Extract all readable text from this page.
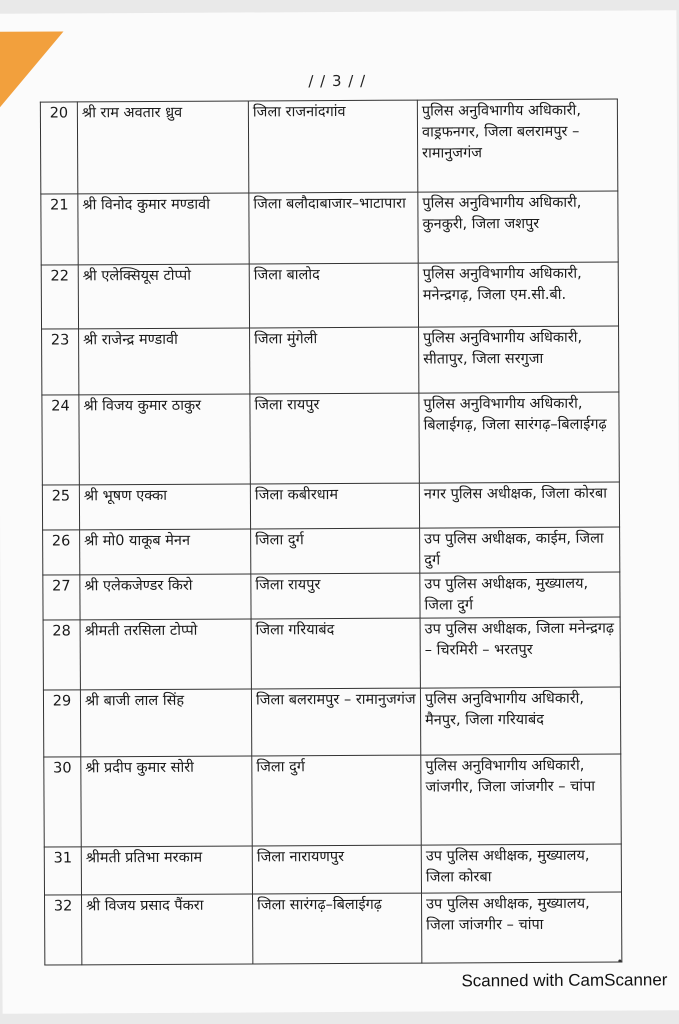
/ / 3 / /
20	श्री राम अवतार ध्रुव	जिला राजनांदगांव	पुलिस अनुविभागीय अधिकारी, वाड्रफनगर, जिला बलरामपुर – रामानुजगंज
21	श्री विनोद कुमार मण्डावी	जिला बलौदाबाजार–भाटापारा	पुलिस अनुविभागीय अधिकारी, कुनकुरी, जिला जशपुर
22	श्री एलेक्सियूस टोप्पो	जिला बालोद	पुलिस अनुविभागीय अधिकारी, मनेन्द्रगढ़, जिला एम.सी.बी.
23	श्री राजेन्द्र मण्डावी	जिला मुंगेली	पुलिस अनुविभागीय अधिकारी, सीतापुर, जिला सरगुजा
24	श्री विजय कुमार ठाकुर	जिला रायपुर	पुलिस अनुविभागीय अधिकारी, बिलाईगढ़, जिला सारंगढ़–बिलाईगढ़
25	श्री भूषण एक्का	जिला कबीरधाम	नगर पुलिस अधीक्षक, जिला कोरबा
26	श्री मो0 याकूब मेनन	जिला दुर्ग	उप पुलिस अधीक्षक, काईम, जिला दुर्ग
27	श्री एलेकजेण्डर किरो	जिला रायपुर	उप पुलिस अधीक्षक, मुख्यालय, जिला दुर्ग
28	श्रीमती तरसिला टोप्पो	जिला गरियाबंद	उप पुलिस अधीक्षक, जिला मनेन्द्रगढ़ – चिरमिरी – भरतपुर
29	श्री बाजी लाल सिंह	जिला बलरामपुर – रामानुजगंज	पुलिस अनुविभागीय अधिकारी, मैनपुर, जिला गरियाबंद
30	श्री प्रदीप कुमार सोरी	जिला दुर्ग	पुलिस अनुविभागीय अधिकारी, जांजगीर, जिला जांजगीर – चांपा
31	श्रीमती प्रतिभा मरकाम	जिला नारायणपुर	उप पुलिस अधीक्षक, मुख्यालय, जिला कोरबा
32	श्री विजय प्रसाद पैंकरा	जिला सारंगढ़–बिलाईगढ़	उप पुलिस अधीक्षक, मुख्यालय, जिला जांजगीर – चांपा
Scanned with CamScanner
